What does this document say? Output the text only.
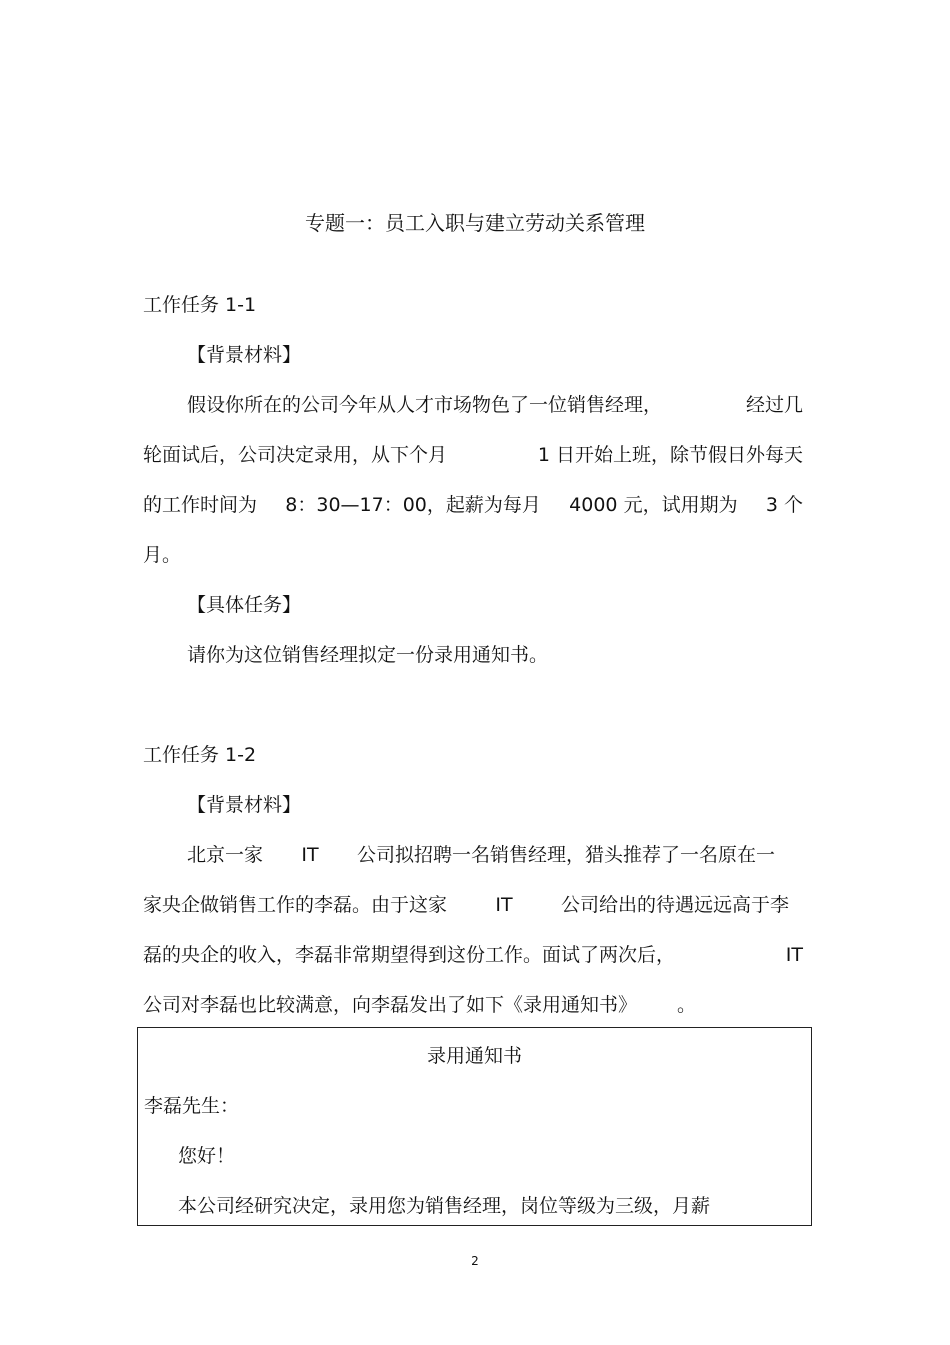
专题一：员工入职与建立劳动关系管理
工作任务 1-1
【背景材料】
假设你所在的公司今年从人才市场物色了一位销售经理，	经过几
轮面试后，公司决定录用，从下个月	1 日开始上班，除节假日外每天
的工作时间为 8：30—17：00，起薪为每月 4000 元，试用期为 3 个
月。
【具体任务】
请你为这位销售经理拟定一份录用通知书。
工作任务 1-2
【背景材料】
北京一家 IT 公司拟招聘一名销售经理，猎头推荐了一名原在一
家央企做销售工作的李磊。由于这家	IT	公司给出的待遇远远高于李
磊的央企的收入，李磊非常期望得到这份工作。面试了两次后，	IT
公司对李磊也比较满意，向李磊发出了如下《录用通知书》 。
录用通知书
李磊先生：
您好！
本公司经研究决定，录用您为销售经理，岗位等级为三级，月薪
2
